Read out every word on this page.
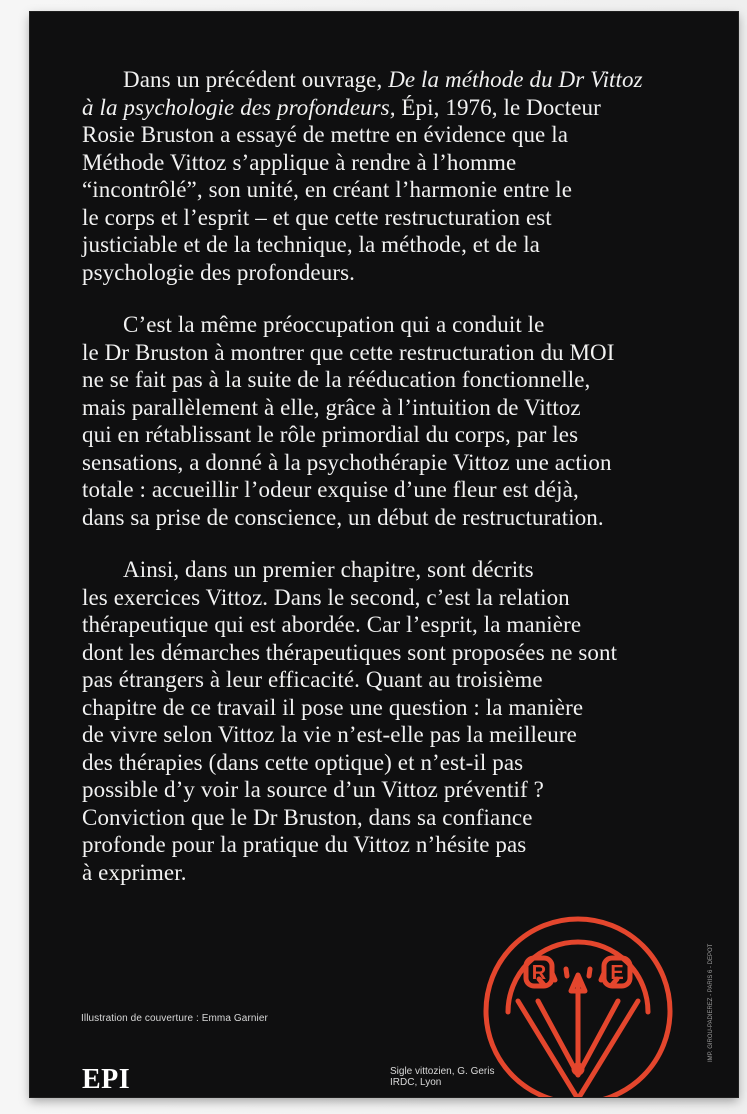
Dans un précédent ouvrage, De la méthode du Dr Vittoz
à la psychologie des profondeurs, Épi, 1976, le Docteur
Rosie Bruston a essayé de mettre en évidence que la
Méthode Vittoz s’applique à rendre à l’homme
“incontrôlé”, son unité, en créant l’harmonie entre le
le corps et l’esprit – et que cette restructuration est
justiciable et de la technique, la méthode, et de la
psychologie des profondeurs.
C’est la même préoccupation qui a conduit le
le Dr Bruston à montrer que cette restructuration du MOI
ne se fait pas à la suite de la rééducation fonctionnelle,
mais parallèlement à elle, grâce à l’intuition de Vittoz
qui en rétablissant le rôle primordial du corps, par les
sensations, a donné à la psychothérapie Vittoz une action
totale : accueillir l’odeur exquise d’une fleur est déjà,
dans sa prise de conscience, un début de restructuration.
Ainsi, dans un premier chapitre, sont décrits
les exercices Vittoz. Dans le second, c’est la relation
thérapeutique qui est abordée. Car l’esprit, la manière
dont les démarches thérapeutiques sont proposées ne sont
pas étrangers à leur efficacité. Quant au troisième
chapitre de ce travail il pose une question : la manière
de vivre selon Vittoz la vie n’est-elle pas la meilleure
des thérapies (dans cette optique) et n’est-il pas
possible d’y voir la source d’un Vittoz préventif ?
Conviction que le Dr Bruston, dans sa confiance
profonde pour la pratique du Vittoz n’hésite pas
à exprimer.
Illustration de couverture : Emma Garnier
EPI	Sigle vittozien, G. Geris
IRDC, Lyon
IMP. GIROU-PADIEREZ - PARIS 6 - DEPOT
R	E
